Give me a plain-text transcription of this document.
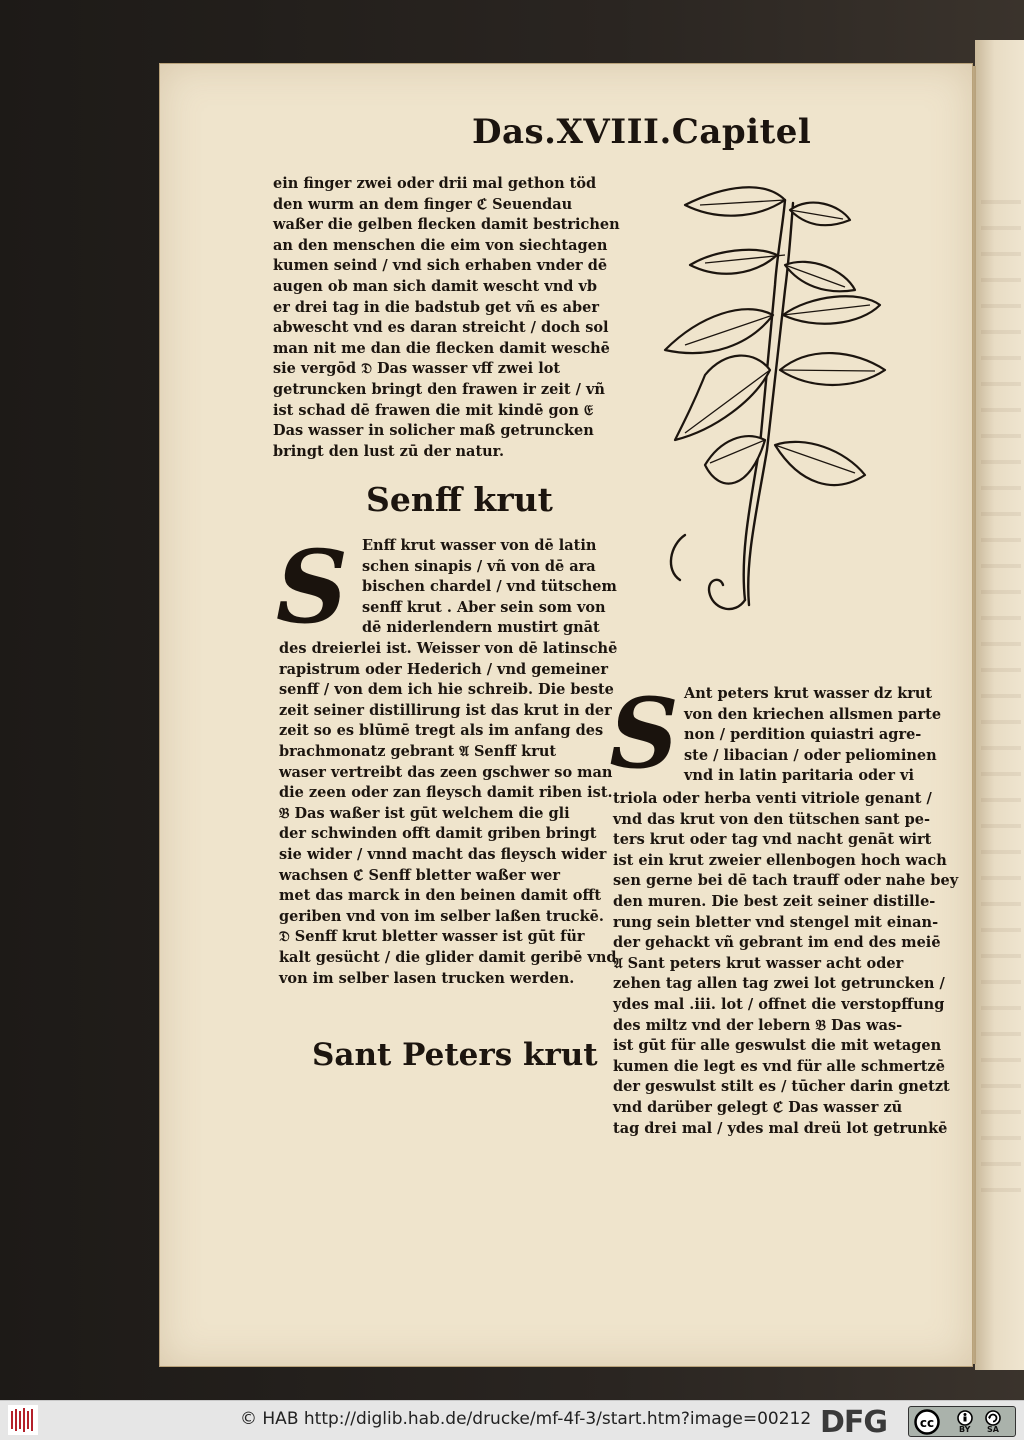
Das.XVIII.Capitel
ein finger zwei oder drii mal gethon töd
den wurm an dem finger ℭ Seuendau
waßer die gelben flecken damit bestrichen
an den menschen die eim von siechtagen
kumen seind / vnd sich erhaben vnder dē
augen ob man sich damit wescht vnd vb
er drei tag in die badstub get vñ es aber
abwescht vnd es daran streicht / doch sol
man nit me dan die flecken damit weschē
sie vergōd 𝔇 Das wasser vff zwei lot
getruncken bringt den frawen ir zeit / vñ
ist schad dē frawen die mit kindē gon 𝔈
Das wasser in solicher maß getruncken
bringt den lust zū der natur.
Senff krut
S Enff krut wasser von dē latin
schen sinapis / vñ von dē ara
bischen chardel / vnd tütschem
senff krut . Aber sein som von
dē niderlendern mustirt gnāt
des dreierlei ist. Weisser von dē latinschē
rapistrum oder Hederich / vnd gemeiner
senff / von dem ich hie schreib. Die beste
zeit seiner distillirung ist das krut in der
zeit so es blūmē tregt als im anfang des
brachmonatz gebrant 𝔄 Senff krut
waser vertreibt das zeen gschwer so man
die zeen oder zan fleysch damit riben ist.
𝔅 Das waßer ist gūt welchem die gli
der schwinden offt damit griben bringt
sie wider / vnnd macht das fleysch wider
wachsen ℭ Senff bletter waßer wer
met das marck in den beinen damit offt
geriben vnd von im selber laßen truckē.
𝔇 Senff krut bletter wasser ist gūt für
kalt gesücht / die glider damit geribē vnd
von im selber lasen trucken werden.
Sant Peters krut
S Ant peters krut wasser dz krut
von den kriechen allsmen parte
non / perdition quiastri agre-
ste / libacian / oder peliominen
vnd in latin paritaria oder vi
triola oder herba venti vitriole genant /
vnd das krut von den tütschen sant pe-
ters krut oder tag vnd nacht genāt wirt
ist ein krut zweier ellenbogen hoch wach
sen gerne bei dē tach trauff oder nahe bey
den muren. Die best zeit seiner distille-
rung sein bletter vnd stengel mit einan-
der gehackt vñ gebrant im end des meiē
𝔄 Sant peters krut wasser acht oder
zehen tag allen tag zwei lot getruncken /
ydes mal .iii. lot / offnet die verstopffung
des miltz vnd der lebern 𝔅 Das was-
ist gūt für alle geswulst die mit wetagen
kumen die legt es vnd für alle schmertzē
der geswulst stilt es / tūcher darin gnetzt
vnd darüber gelegt ℭ Das wasser zū
tag drei mal / ydes mal dreü lot getrunkē
© HAB http://diglib.hab.de/drucke/mf-4f-3/start.htm?image=00212 DFG	cc	BY SA
